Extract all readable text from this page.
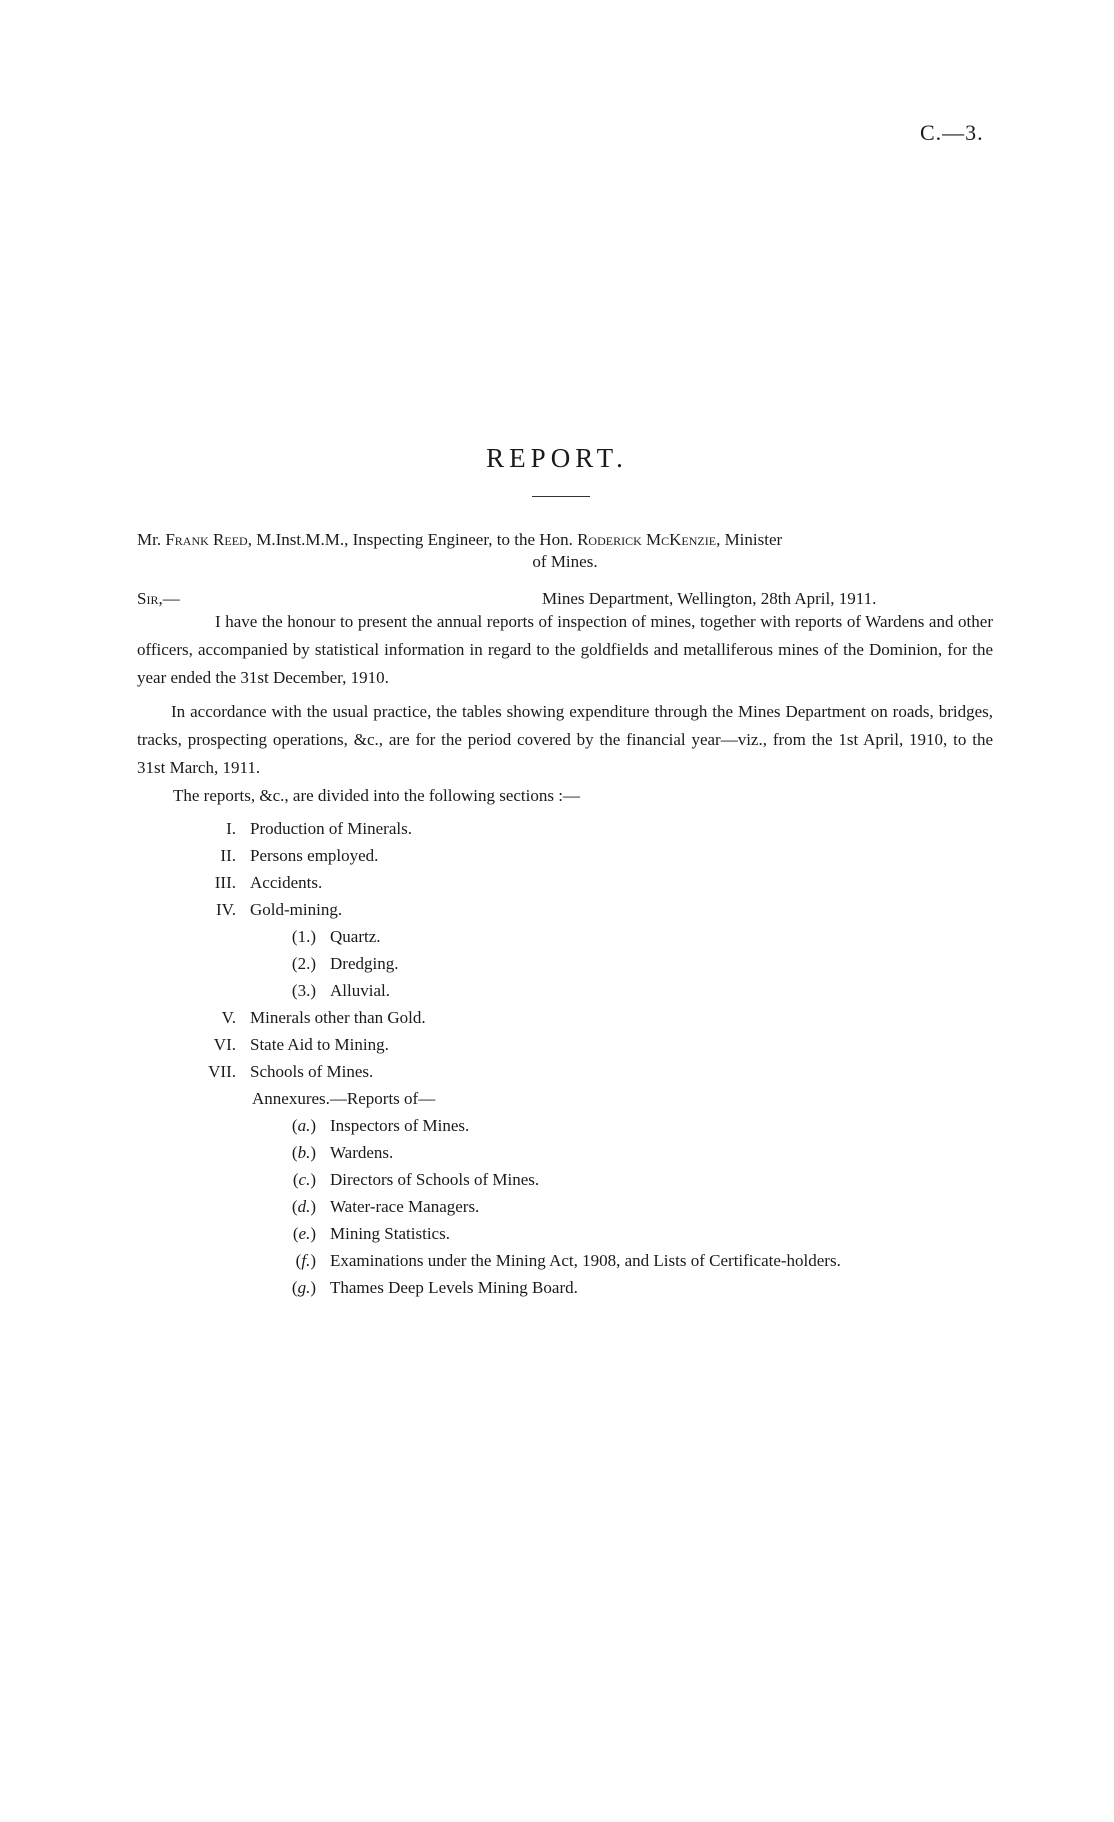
C.—3.
REPORT.
Mr. Frank Reed, M.Inst.M.M., Inspecting Engineer, to the Hon. Roderick McKenzie, Minister
of Mines.
Sir,—	Mines Department, Wellington, 28th April, 1911.
I have the honour to present the annual reports of inspection of mines, together with reports of Wardens and other officers, accompanied by statistical information in regard to the goldfields and metalliferous mines of the Dominion, for the year ended the 31st December, 1910.
In accordance with the usual practice, the tables showing expenditure through the Mines Department on roads, bridges, tracks, prospecting operations, &c., are for the period covered by the financial year—viz., from the 1st April, 1910, to the 31st March, 1911.
The reports, &c., are divided into the following sections :—
I. Production of Minerals.
II. Persons employed.
III. Accidents.
IV. Gold-mining.
(1.) Quartz.
(2.) Dredging.
(3.) Alluvial.
V. Minerals other than Gold.
VI. State Aid to Mining.
VII. Schools of Mines.
Annexures.—Reports of—
(a.) Inspectors of Mines.
(b.) Wardens.
(c.) Directors of Schools of Mines.
(d.) Water-race Managers.
(e.) Mining Statistics.
(f.) Examinations under the Mining Act, 1908, and Lists of Certificate-holders.
(g.) Thames Deep Levels Mining Board.
